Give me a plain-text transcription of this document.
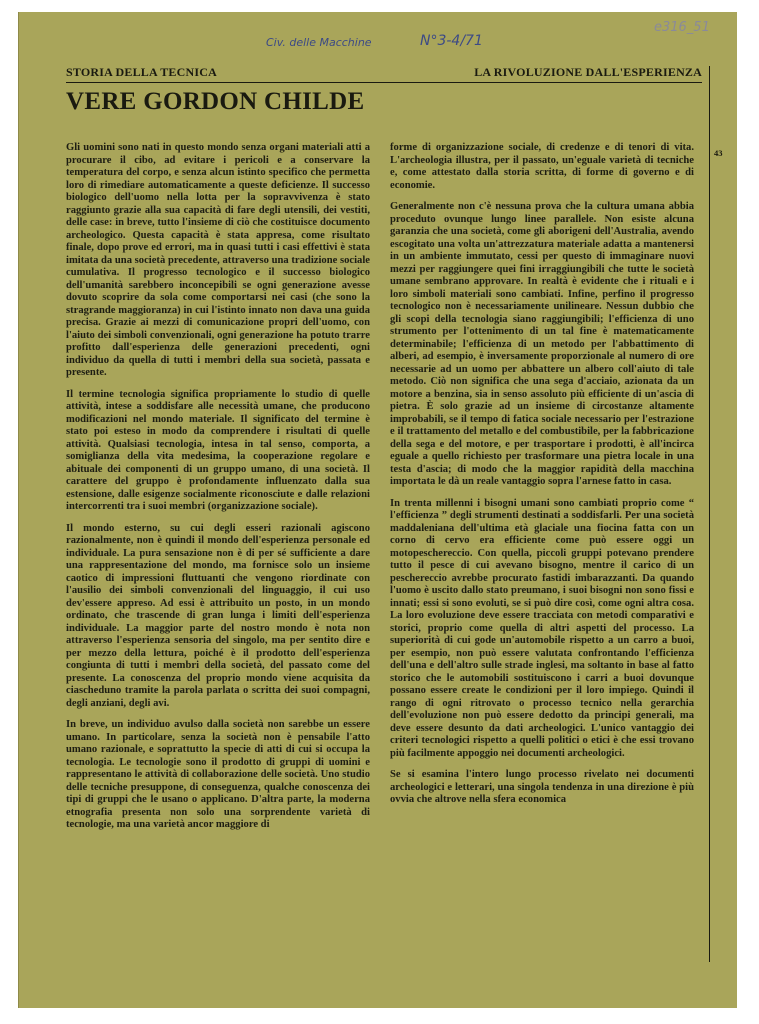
Civ. delle Macchine	N°3-4/71
e316_51
STORIA DELLA TECNICA	LA RIVOLUZIONE DALL'ESPERIENZA
VERE GORDON CHILDE
43

Gli uomini sono nati in questo mondo senza organi materiali atti a procurare il cibo, ad evitare i pericoli e a conservare la temperatura del corpo, e senza alcun istinto specifico che permetta loro di rimediare automaticamente a queste deficienze. Il successo biologico dell'uomo nella lotta per la sopravvivenza è stato raggiunto grazie alla sua capacità di fare degli utensili, dei vestiti, delle case: in breve, tutto l'insieme di ciò che costituisce documento archeologico. Questa capacità è stata appresa, come risultato finale, dopo prove ed errori, ma in quasi tutti i casi effettivi è stata imitata da una società precedente, attraverso una tradizione sociale cumulativa. Il progresso tecnologico e il successo biologico dell'umanità sarebbero inconcepibili se ogni generazione avesse dovuto scoprire da sola come comportarsi nei casi (che sono la stragrande maggioranza) in cui l'istinto innato non dava una guida precisa. Grazie ai mezzi di comunicazione propri dell'uomo, con l'aiuto dei simboli convenzionali, ogni generazione ha potuto trarre profitto dall'esperienza delle generazioni precedenti, ogni individuo da quella di tutti i membri della sua società, passata e presente.

Il termine tecnologia significa propriamente lo studio di quelle attività, intese a soddisfare alle necessità umane, che producono modificazioni nel mondo materiale. Il significato del termine è stato poi esteso in modo da comprendere i risultati di quelle attività. Qualsiasi tecnologia, intesa in tal senso, comporta, a somiglianza della vita medesima, la cooperazione regolare e abituale dei componenti di un gruppo umano, di una società. Il carattere del gruppo è profondamente influenzato dalla sua estensione, dalle esigenze socialmente riconosciute e dalle relazioni intercorrenti tra i suoi membri (organizzazione sociale).

Il mondo esterno, su cui degli esseri razionali agiscono razionalmente, non è quindi il mondo dell'esperienza personale ed individuale. La pura sensazione non è di per sé sufficiente a dare una rappresentazione del mondo, ma fornisce solo un insieme caotico di impressioni fluttuanti che vengono riordinate con l'ausilio dei simboli convenzionali del linguaggio, il cui uso dev'essere appreso. Ad essi è attribuito un posto, in un mondo ordinato, che trascende di gran lunga i limiti dell'esperienza individuale. La maggior parte del nostro mondo è nota non attraverso l'esperienza sensoria del singolo, ma per sentito dire e per mezzo della lettura, poiché è il prodotto dell'esperienza congiunta di tutti i membri della società, del passato come del presente. La conoscenza del proprio mondo viene acquisita da ciascheduno tramite la parola parlata o scritta dei suoi compagni, degli anziani, degli avi.

In breve, un individuo avulso dalla società non sarebbe un essere umano. In particolare, senza la società non è pensabile l'atto umano razionale, e soprattutto la specie di atti di cui si occupa la tecnologia. Le tecnologie sono il prodotto di gruppi di uomini e rappresentano le attività di collaborazione delle società. Uno studio delle tecniche presuppone, di conseguenza, qualche conoscenza dei tipi di gruppi che le usano o applicano. D'altra parte, la moderna etnografia presenta non solo una sorprendente varietà di tecnologie, ma una varietà ancor maggiore di

forme di organizzazione sociale, di credenze e di tenori di vita. L'archeologia illustra, per il passato, un'eguale varietà di tecniche e, come attestato dalla storia scritta, di forme di governo e di economie.

Generalmente non c'è nessuna prova che la cultura umana abbia proceduto ovunque lungo linee parallele. Non esiste alcuna garanzia che una società, come gli aborigeni dell'Australia, avendo escogitato una volta un'attrezzatura materiale adatta a mantenersi in un ambiente immutato, cessi per questo di immaginare nuovi mezzi per raggiungere quei fini irraggiungibili che tutte le società umane sembrano approvare. In realtà è evidente che i rituali e i loro simboli materiali sono cambiati. Infine, perfino il progresso tecnologico non è necessariamente unilineare. Nessun dubbio che gli scopi della tecnologia siano raggiungibili; l'efficienza di uno strumento per l'ottenimento di un tal fine è matematicamente determinabile; l'efficienza di un metodo per l'abbattimento di alberi, ad esempio, è inversamente proporzionale al numero di ore necessarie ad un uomo per abbattere un albero coll'aiuto di tale metodo. Ciò non significa che una sega d'acciaio, azionata da un motore a benzina, sia in senso assoluto più efficiente di un'ascia di pietra. È solo grazie ad un insieme di circostanze altamente improbabili, se il tempo di fatica sociale necessario per l'estrazione e il trattamento del metallo e del combustibile, per la fabbricazione della sega e del motore, e per trasportare i prodotti, è all'incirca eguale a quello richiesto per trasformare una pietra locale in una testa d'ascia; di modo che la maggior rapidità della macchina importata le dà un reale vantaggio sopra l'arnese fatto in casa.

In trenta millenni i bisogni umani sono cambiati proprio come “ l'efficienza ” degli strumenti destinati a soddisfarli. Per una società maddaleniana dell'ultima età glaciale una fiocina fatta con un corno di cervo era efficiente come può essere oggi un motopeschereccio. Con quella, piccoli gruppi potevano prendere tutto il pesce di cui avevano bisogno, mentre il carico di un peschereccio avrebbe procurato fastidi imbarazzanti. Da quando l'uomo è uscito dallo stato preumano, i suoi bisogni non sono fissi e innati; essi si sono evoluti, se si può dire così, come ogni altra cosa. La loro evoluzione deve essere tracciata con metodi comparativi e storici, proprio come quella di altri aspetti del processo. La superiorità di cui gode un'automobile rispetto a un carro a buoi, per esempio, non può essere valutata confrontando l'efficienza dell'una e dell'altro sulle strade inglesi, ma soltanto in base al fatto storico che le automobili sostituiscono i carri a buoi dovunque possano essere create le condizioni per il loro impiego. Quindi il rango di ogni ritrovato o processo tecnico nella gerarchia dell'evoluzione non può essere dedotto da principi generali, ma deve essere desunto da dati archeologici. L'unico vantaggio dei criteri tecnologici rispetto a quelli politici o etici è che essi trovano più facilmente appoggio nei documenti archeologici.

Se si esamina l'intero lungo processo rivelato nei documenti archeologici e letterari, una singola tendenza in una direzione è più ovvia che altrove nella sfera economica
